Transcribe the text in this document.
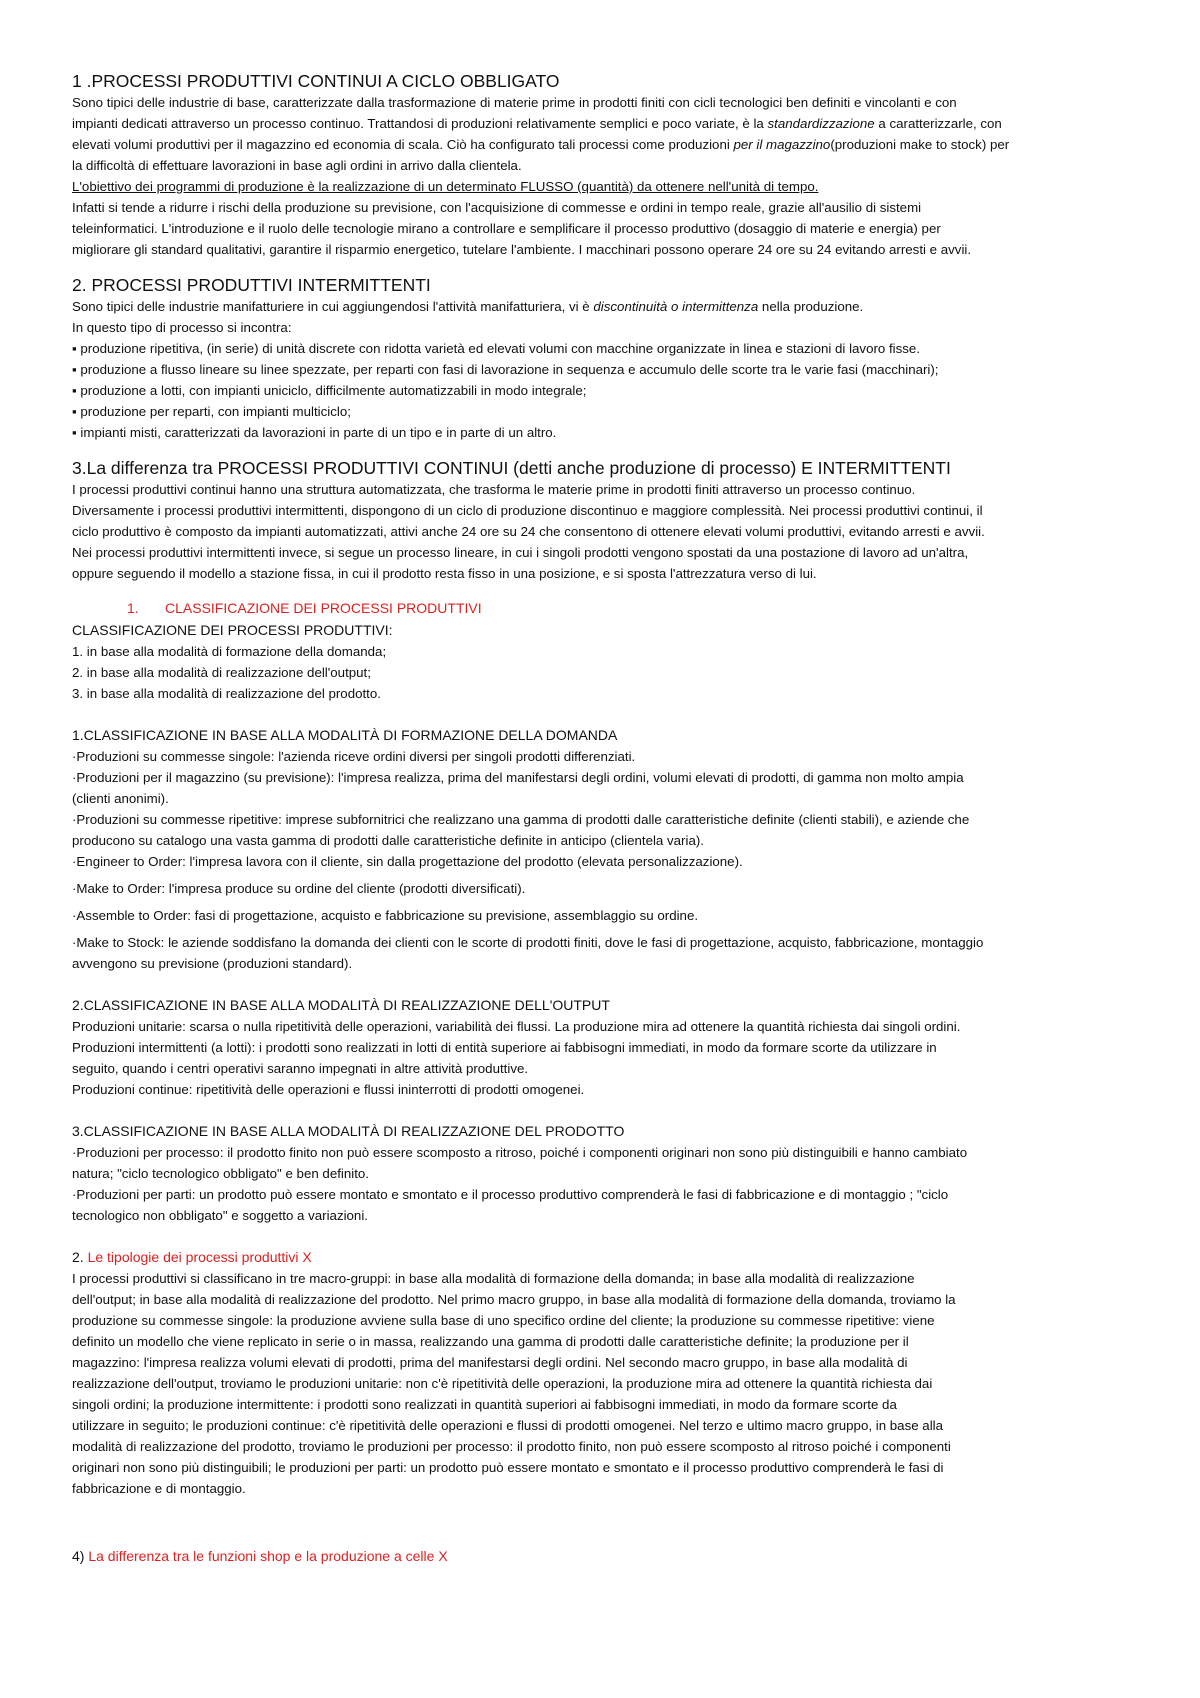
1 .PROCESSI PRODUTTIVI CONTINUI A CICLO OBBLIGATO

Sono tipici delle industrie di base, caratterizzate dalla trasformazione di materie prime in prodotti finiti con cicli tecnologici ben definiti e vincolanti e con

impianti dedicati attraverso un processo continuo. Trattandosi di produzioni relativamente semplici e poco variate, è la standardizzazione a caratterizzarle, con

elevati volumi produttivi per il magazzino ed economia di scala. Ciò ha configurato tali processi come produzioni per il magazzino(produzioni make to stock) per

la difficoltà di effettuare lavorazioni in base agli ordini in arrivo dalla clientela.

L'obiettivo dei programmi di produzione è la realizzazione di un determinato FLUSSO (quantità) da ottenere nell'unità di tempo.

Infatti si tende a ridurre i rischi della produzione su previsione, con l'acquisizione di commesse e ordini in tempo reale, grazie all'ausilio di sistemi

teleinformatici. L'introduzione e il ruolo delle tecnologie mirano a controllare e semplificare il processo produttivo (dosaggio di materie e energia) per

migliorare gli standard qualitativi, garantire il risparmio energetico, tutelare l'ambiente. I macchinari possono operare 24 ore su 24 evitando arresti e avvii.

2. PROCESSI PRODUTTIVI INTERMITTENTI

Sono tipici delle industrie manifatturiere in cui aggiungendosi l'attività manifatturiera, vi è discontinuità o intermittenza nella produzione.

In questo tipo di processo si incontra:

▪ produzione ripetitiva, (in serie) di unità discrete con ridotta varietà ed elevati volumi con macchine organizzate in linea e stazioni di lavoro fisse.

▪ produzione a flusso lineare su linee spezzate, per reparti con fasi di lavorazione in sequenza e accumulo delle scorte tra le varie fasi (macchinari);

▪ produzione a lotti, con impianti uniciclo, difficilmente automatizzabili in modo integrale;

▪ produzione per reparti, con impianti multiciclo;

▪ impianti misti, caratterizzati da lavorazioni in parte di un tipo e in parte di un altro.

3.La differenza tra PROCESSI PRODUTTIVI CONTINUI (detti anche produzione di processo) E INTERMITTENTI

I processi produttivi continui hanno una struttura automatizzata, che trasforma le materie prime in prodotti finiti attraverso un processo continuo.

Diversamente i processi produttivi intermittenti, dispongono di un ciclo di produzione discontinuo e maggiore complessità. Nei processi produttivi continui, il

ciclo produttivo è composto da impianti automatizzati, attivi anche 24 ore su 24 che consentono di ottenere elevati volumi produttivi, evitando arresti e avvii.

Nei processi produttivi intermittenti invece, si segue un processo lineare, in cui i singoli prodotti vengono spostati da una postazione di lavoro ad un'altra,

oppure seguendo il modello a stazione fissa, in cui il prodotto resta fisso in una posizione, e si sposta l'attrezzatura verso di lui.

1. CLASSIFICAZIONE DEI PROCESSI PRODUTTIVI

CLASSIFICAZIONE DEI PROCESSI PRODUTTIVI:

1. in base alla modalità di formazione della domanda;

2. in base alla modalità di realizzazione dell'output;

3. in base alla modalità di realizzazione del prodotto.

1.CLASSIFICAZIONE IN BASE ALLA MODALITÀ DI FORMAZIONE DELLA DOMANDA

·Produzioni su commesse singole: l'azienda riceve ordini diversi per singoli prodotti differenziati.

·Produzioni per il magazzino (su previsione): l'impresa realizza, prima del manifestarsi degli ordini, volumi elevati di prodotti, di gamma non molto ampia

(clienti anonimi).

·Produzioni su commesse ripetitive: imprese subfornitrici che realizzano una gamma di prodotti dalle caratteristiche definite (clienti stabili), e aziende che

producono su catalogo una vasta gamma di prodotti dalle caratteristiche definite in anticipo (clientela varia).

·Engineer to Order: l'impresa lavora con il cliente, sin dalla progettazione del prodotto (elevata personalizzazione).

·Make to Order: l'impresa produce su ordine del cliente (prodotti diversificati).

·Assemble to Order: fasi di progettazione, acquisto e fabbricazione su previsione, assemblaggio su ordine.

·Make to Stock: le aziende soddisfano la domanda dei clienti con le scorte di prodotti finiti, dove le fasi di progettazione, acquisto, fabbricazione, montaggio

avvengono su previsione (produzioni standard).

2.CLASSIFICAZIONE IN BASE ALLA MODALITÀ DI REALIZZAZIONE DELL'OUTPUT

Produzioni unitarie: scarsa o nulla ripetitività delle operazioni, variabilità dei flussi. La produzione mira ad ottenere la quantità richiesta dai singoli ordini.

Produzioni intermittenti (a lotti): i prodotti sono realizzati in lotti di entità superiore ai fabbisogni immediati, in modo da formare scorte da utilizzare in

seguito, quando i centri operativi saranno impegnati in altre attività produttive.

Produzioni continue: ripetitività delle operazioni e flussi ininterrotti di prodotti omogenei.

3.CLASSIFICAZIONE IN BASE ALLA MODALITÀ DI REALIZZAZIONE DEL PRODOTTO

·Produzioni per processo: il prodotto finito non può essere scomposto a ritroso, poiché i componenti originari non sono più distinguibili e hanno cambiato

natura; "ciclo tecnologico obbligato" e ben definito.

·Produzioni per parti: un prodotto può essere montato e smontato e il processo produttivo comprenderà le fasi di fabbricazione e di montaggio ; "ciclo

tecnologico non obbligato" e soggetto a variazioni.

2. Le tipologie dei processi produttivi X

I processi produttivi si classificano in tre macro-gruppi: in base alla modalità di formazione della domanda; in base alla modalità di realizzazione

dell'output; in base alla modalità di realizzazione del prodotto. Nel primo macro gruppo, in base alla modalità di formazione della domanda, troviamo la

produzione su commesse singole: la produzione avviene sulla base di uno specifico ordine del cliente; la produzione su commesse ripetitive: viene

definito un modello che viene replicato in serie o in massa, realizzando una gamma di prodotti dalle caratteristiche definite; la produzione per il

magazzino: l'impresa realizza volumi elevati di prodotti, prima del manifestarsi degli ordini. Nel secondo macro gruppo, in base alla modalità di

realizzazione dell'output, troviamo le produzioni unitarie: non c'è ripetitività delle operazioni, la produzione mira ad ottenere la quantità richiesta dai

singoli ordini; la produzione intermittente: i prodotti sono realizzati in quantità superiori ai fabbisogni immediati, in modo da formare scorte da

utilizzare in seguito; le produzioni continue: c'è ripetitività delle operazioni e flussi di prodotti omogenei. Nel terzo e ultimo macro gruppo, in base alla

modalità di realizzazione del prodotto, troviamo le produzioni per processo: il prodotto finito, non può essere scomposto al ritroso poiché i componenti

originari non sono più distinguibili; le produzioni per parti: un prodotto può essere montato e smontato e il processo produttivo comprenderà le fasi di

fabbricazione e di montaggio.

4) La differenza tra le funzioni shop e la produzione a celle X
